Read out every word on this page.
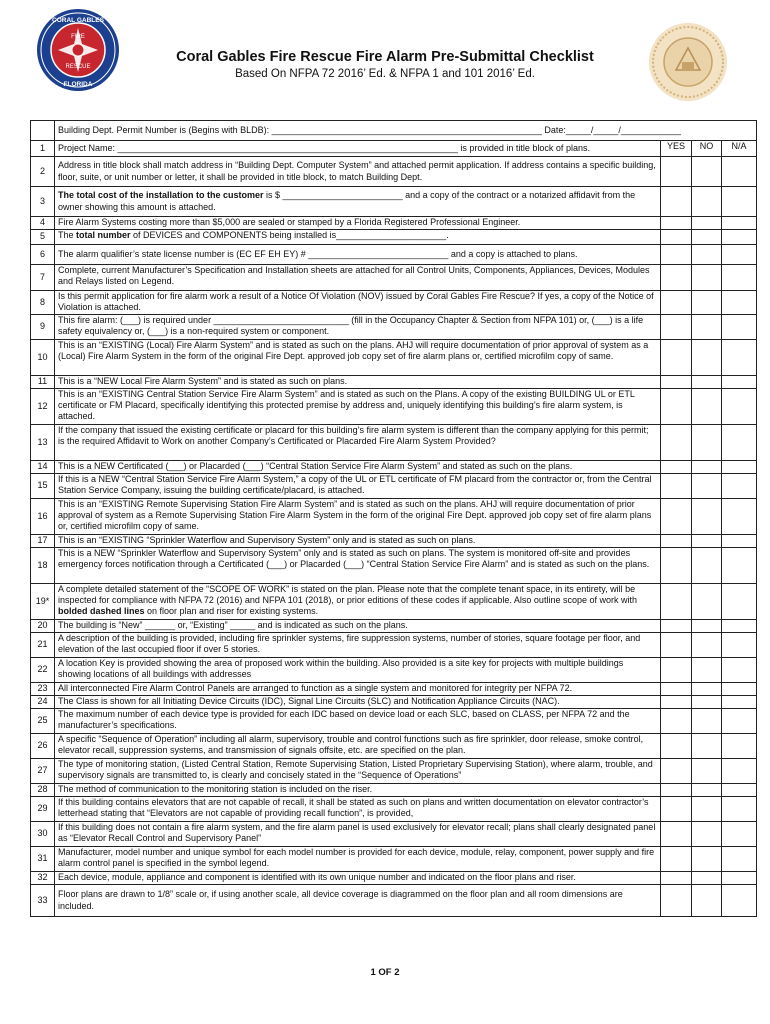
CORAL GABLES
FLORIDA
FIRE
RESCUE
Coral Gables Fire Rescue Fire Alarm Pre-Submittal Checklist
Based On NFPA 72 2016’ Ed. & NFPA 1 and 101 2016’ Ed.
	Building Dept. Permit Number is (Begins with BLDB): ______________________________________________________ Date:_____/_____/____________			
1	Project Name: ____________________________________________________________________ is provided in title block of plans.	YES	NO	N/A
2	Address in title block shall match address in “Building Dept. Computer System” and attached permit application. If address contains a specific building, floor, suite, or unit number or letter, it shall be provided in title block, to match Building Dept.			
3	The total cost of the installation to the customer is $ ________________________ and a copy of the contract or a notarized affidavit from the owner showing this amount is attached.			
4	Fire Alarm Systems costing more than $5,000 are sealed or stamped by a Florida Registered Professional Engineer.			
5	The total number of DEVICES and COMPONENTS being installed is______________________.			
6	The alarm qualifier’s state license number is (EC EF EH EY) # ____________________________ and a copy is attached to plans.			
7	Complete, current Manufacturer’s Specification and Installation sheets are attached for all Control Units, Components, Appliances, Devices, Modules and Relays listed on Legend.			
8	Is this permit application for fire alarm work a result of a Notice Of Violation (NOV) issued by Coral Gables Fire Rescue? If yes, a copy of the Notice of Violation is attached.			
9	This fire alarm: (___) is required under ___________________________ (fill in the Occupancy Chapter & Section from NFPA 101) or, (___) is a life safety equivalency or, (___) is a non-required system or component.			
10	This is an “EXISTING (Local) Fire Alarm System” and is stated as such on the plans. AHJ will require documentation of prior approval of system as a (Local) Fire Alarm System in the form of the original Fire Dept. approved job copy set of fire alarm plans or, certified microfilm copy of same.			
11	This is a “NEW Local Fire Alarm System” and is stated as such on plans.			
12	This is an “EXISTING Central Station Service Fire Alarm System” and is stated as such on the Plans. A copy of the existing BUILDING UL or ETL certificate or FM Placard, specifically identifying this protected premise by address and, uniquely identifying this building’s fire alarm system, is attached.			
13	If the company that issued the existing certificate or placard for this building’s fire alarm system is different than the company applying for this permit; is the required Affidavit to Work on another Company’s Certificated or Placarded Fire Alarm System Provided?			
14	This is a NEW Certificated (___) or Placarded (___) “Central Station Service Fire Alarm System” and stated as such on the plans.			
15	If this is a NEW “Central Station Service Fire Alarm System,” a copy of the UL or ETL certificate of FM placard from the contractor or, from the Central Station Service Company, issuing the building certificate/placard, is attached.			
16	This is an “EXISTING Remote Supervising Station Fire Alarm System” and is stated as such on the plans. AHJ will require documentation of prior approval of system as a Remote Supervising Station Fire Alarm System in the form of the original Fire Dept. approved job copy set of fire alarm plans or, certified microfilm copy of same.			
17	This is an “EXISTING “Sprinkler Waterflow and Supervisory System” only and is stated as such on plans.			
18	This is a NEW “Sprinkler Waterflow and Supervisory System” only and is stated as such on plans. The system is monitored off-site and provides emergency forces notification through a Certificated (___) or Placarded (___) “Central Station Service Fire Alarm” and is stated as such on the plans.			
19*	A complete detailed statement of the “SCOPE OF WORK” is stated on the plan. Please note that the complete tenant space, in its entirety, will be inspected for compliance with NFPA 72 (2016) and NFPA 101 (2018), or prior editions of these codes if applicable. Also outline scope of work with bolded dashed lines on floor plan and riser for existing systems.			
20	The building is “New” ______ or, “Existing” _____ and is indicated as such on the plans.			
21	A description of the building is provided, including fire sprinkler systems, fire suppression systems, number of stories, square footage per floor, and elevation of the last occupied floor if over 5 stories.			
22	A location Key is provided showing the area of proposed work within the building. Also provided is a site key for projects with multiple buildings showing locations of all buildings with addresses			
23	All interconnected Fire Alarm Control Panels are arranged to function as a single system and monitored for integrity per NFPA 72.			
24	The Class is shown for all Initiating Device Circuits (IDC), Signal Line Circuits (SLC) and Notification Appliance Circuits (NAC).			
25	The maximum number of each device type is provided for each IDC based on device load or each SLC, based on CLASS, per NFPA 72 and the manufacturer’s specifications.			
26	A specific “Sequence of Operation” including all alarm, supervisory, trouble and control functions such as fire sprinkler, door release, smoke control, elevator recall, suppression systems, and transmission of signals offsite, etc. are specified on the plan.			
27	The type of monitoring station, (Listed Central Station, Remote Supervising Station, Listed Proprietary Supervising Station), where alarm, trouble, and supervisory signals are transmitted to, is clearly and concisely stated in the “Sequence of Operations”			
28	The method of communication to the monitoring station is included on the riser.			
29	If this building contains elevators that are not capable of recall, it shall be stated as such on plans and written documentation on elevator contractor’s letterhead stating that “Elevators are not capable of providing recall function”, is provided,			
30	If this building does not contain a fire alarm system, and the fire alarm panel is used exclusively for elevator recall; plans shall clearly designated panel as “Elevator Recall Control and Supervisory Panel”			
31	Manufacturer, model number and unique symbol for each model number is provided for each device, module, relay, component, power supply and fire alarm control panel is specified in the symbol legend.			
32	Each device, module, appliance and component is identified with its own unique number and indicated on the floor plans and riser.			
33	Floor plans are drawn to 1/8” scale or, if using another scale, all device coverage is diagrammed on the floor plan and all room dimensions are included.			
1 OF 2
